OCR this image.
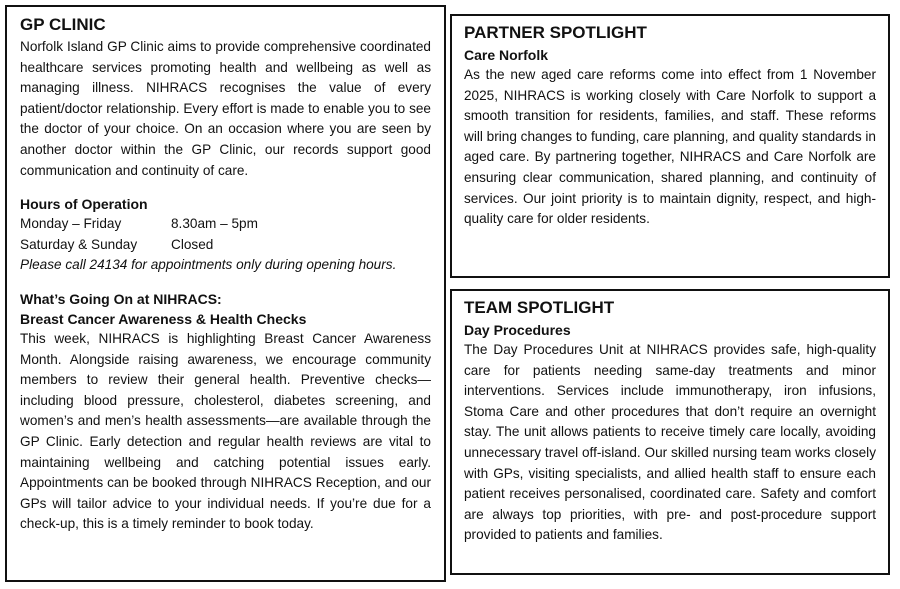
GP CLINIC

Norfolk Island GP Clinic aims to provide comprehensive coordinated healthcare services promoting health and wellbeing as well as managing illness. NIHRACS recognises the value of every patient/doctor relationship. Every effort is made to enable you to see the doctor of your choice. On an occasion where you are seen by another doctor within the GP Clinic, our records support good communication and continuity of care.

Hours of Operation
Monday – Friday	8.30am – 5pm
Saturday & Sunday	Closed
Please call 24134 for appointments only during opening hours.
What’s Going On at NIHRACS:
Breast Cancer Awareness & Health Checks

This week, NIHRACS is highlighting Breast Cancer Awareness Month. Alongside raising awareness, we encourage community members to review their general health. Preventive checks—including blood pressure, cholesterol, diabetes screening, and women’s and men’s health assessments—are available through the GP Clinic. Early detection and regular health reviews are vital to maintaining wellbeing and catching potential issues early. Appointments can be booked through NIHRACS Reception, and our GPs will tailor advice to your individual needs. If you’re due for a check-up, this is a timely reminder to book today.

PARTNER SPOTLIGHT
Care Norfolk

As the new aged care reforms come into effect from 1 November 2025, NIHRACS is working closely with Care Norfolk to support a smooth transition for residents, families, and staff. These reforms will bring changes to funding, care planning, and quality standards in aged care. By partnering together, NIHRACS and Care Norfolk are ensuring clear communication, shared planning, and continuity of services. Our joint priority is to maintain dignity, respect, and high-quality care for older residents.

TEAM SPOTLIGHT
Day Procedures

The Day Procedures Unit at NIHRACS provides safe, high-quality care for patients needing same-day treatments and minor interventions. Services include immunotherapy, iron infusions, Stoma Care and other procedures that don’t require an overnight stay. The unit allows patients to receive timely care locally, avoiding unnecessary travel off-island. Our skilled nursing team works closely with GPs, visiting specialists, and allied health staff to ensure each patient receives personalised, coordinated care. Safety and comfort are always top priorities, with pre- and post-procedure support provided to patients and families.
